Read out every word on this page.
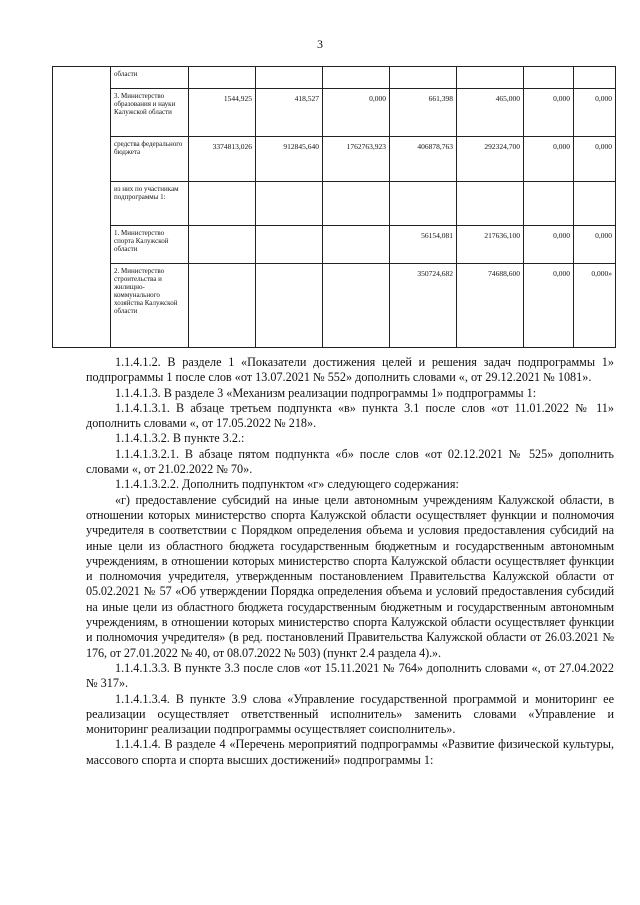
3
	области							
	3. Министерство образования и науки Калужской области	1544,925	418,527	0,000	661,398	465,000	0,000	0,000
	средства федерального бюджета	3374813,026	912845,640	1762763,923	406878,763	292324,700	0,000	0,000
	из них по участникам подпрограммы 1:							
	1. Министерство спорта Калужской области				56154,081	217636,100	0,000	0,000
	2. Министерство строительства и жилищно-коммунального хозяйства Калужской области				350724,682	74688,600	0,000	0,000»

1.1.4.1.2. В разделе 1 «Показатели достижения целей и решения задач подпрограммы 1» подпрограммы 1 после слов «от 13.07.2021 № 552» дополнить словами «, от 29.12.2021 № 1081».

1.1.4.1.3. В разделе 3 «Механизм реализации подпрограммы 1» подпрограммы 1:

1.1.4.1.3.1. В абзаце третьем подпункта «в» пункта 3.1 после слов «от 11.01.2022 № 11» дополнить словами «, от 17.05.2022 № 218».

1.1.4.1.3.2. В пункте 3.2.:

1.1.4.1.3.2.1. В абзаце пятом подпункта «б» после слов «от 02.12.2021 № 525» дополнить словами «, от 21.02.2022 № 70».

1.1.4.1.3.2.2. Дополнить подпунктом «г» следующего содержания:

«г) предоставление субсидий на иные цели автономным учреждениям Калужской области, в отношении которых министерство спорта Калужской области осуществляет функции и полномочия учредителя в соответствии с Порядком определения объема и условия предоставления субсидий на иные цели из областного бюджета государственным бюджетным и государственным автономным учреждениям, в отношении которых министерство спорта Калужской области осуществляет функции и полномочия учредителя, утвержденным постановлением Правительства Калужской области от 05.02.2021 № 57 «Об утверждении Порядка определения объема и условий предоставления субсидий на иные цели из областного бюджета государственным бюджетным и государственным автономным учреждениям, в отношении которых министерство спорта Калужской области осуществляет функции и полномочия учредителя» (в ред. постановлений Правительства Калужской области от 26.03.2021 № 176, от 27.01.2022 № 40, от 08.07.2022 № 503) (пункт 2.4 раздела 4).».

1.1.4.1.3.3. В пункте 3.3 после слов «от 15.11.2021 № 764» дополнить словами «, от 27.04.2022 № 317».

1.1.4.1.3.4. В пункте 3.9 слова «Управление государственной программой и мониторинг ее реализации осуществляет ответственный исполнитель» заменить словами «Управление и мониторинг реализации подпрограммы осуществляет соисполнитель».

1.1.4.1.4. В разделе 4 «Перечень мероприятий подпрограммы «Развитие физической культуры, массового спорта и спорта высших достижений» подпрограммы 1:
